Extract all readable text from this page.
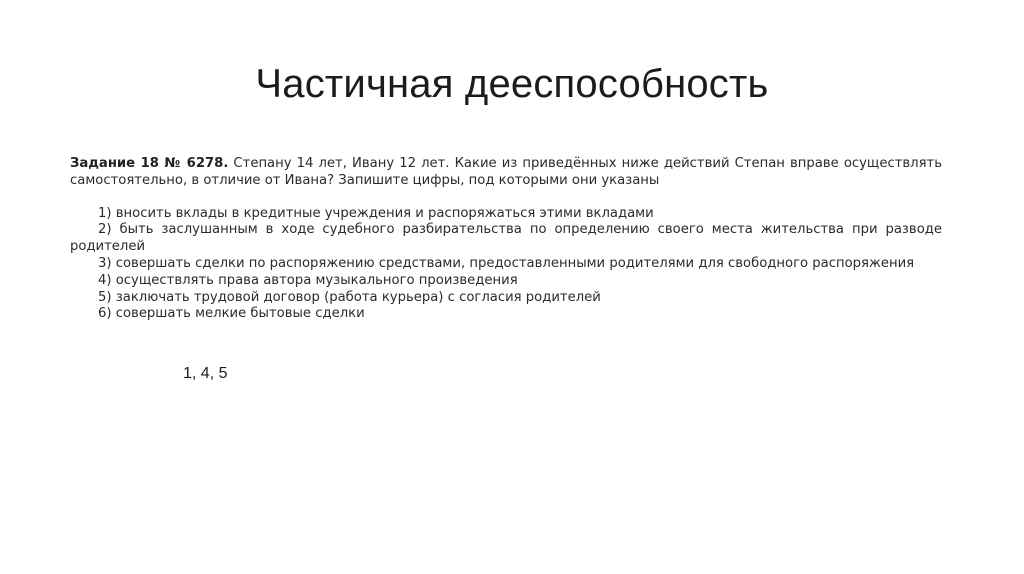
Частичная дееспособность

Задание 18 № 6278. Степану 14 лет, Ивану 12 лет. Какие из приведённых ниже действий Степан вправе осуществлять самостоятельно, в отличие от Ивана? Запишите цифры, под которыми они указаны

1) вносить вклады в кредитные учреждения и распоряжаться этими вкладами
2) быть заслушанным в ходе судебного разбирательства по определению своего места жительства при разводе родителей
3) совершать сделки по распоряжению средствами, предоставленными родителями для свободного распоряжения
4) осуществлять права автора музыкального произведения
5) заключать трудовой договор (работа курьера) с согласия родителей
6) совершать мелкие бытовые сделки
1, 4, 5
